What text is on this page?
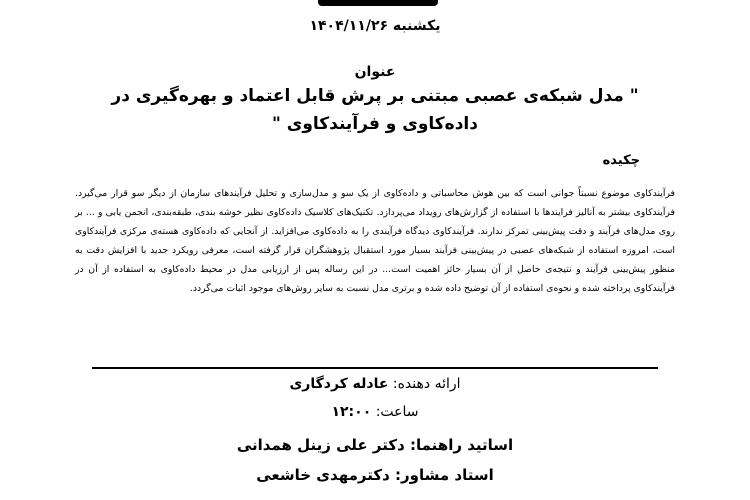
یکشنبه ۱۴۰۴/۱۱/۲۶
عنوان
" مدل شبکه‌ی عصبی مبتنی بر پرش قابل اعتماد و بهره‌گیری در داده‌کاوی و فرآیندکاوی "
چکیده
فرآیندکاوی موضوع نسبتاً جوانی است که بین هوش محاسباتی و داده‌کاوی از یک سو و مدل‌سازی و تحلیل فرآیندهای سازمان از دیگر سو قرار می‌گیرد. فرآیندکاوی بیشتر به آنالیز فرایندها با استفاده از گزارش‌های رویداد می‌پردازد. تکنیک‌های کلاسیک داده‌کاوی نظیر خوشه بندی، طبقه‌بندی، انجمن یابی و ... بر روی مدل‌های فرآیند و دقت پیش‌بینی تمرکز ندارند. فرآیندکاوی دیدگاه فرآیندی را به داده‌کاوی می‌افزاید. از آنجایی که داده‌کاوی هسته‌ی مرکزی فرآیندکاوی است، امروزه استفاده از شبکه‌های عصبی در پیش‌بینی فرآیند بسیار مورد استقبال پژوهشگران قرار گرفته است، معرفی رویکرد جدید با افزایش دقت به منظور پیش‌بینی فرآیند و نتیجه‌ی حاصل از آن بسیار حائز اهمیت است... در این رساله پس از ارزیابی مدل در محیط داده‌کاوی به استفاده از آن در فرآیندکاوی پرداخته شده و نحوه‌ی استفاده از آن توضیح داده شده و برتری مدل نسبت به سایر روش‌های موجود اثبات می‌گردد.
ارائه دهنده: عادله کردگاری
ساعت: ۱۲:۰۰
اساتید راهنما: دکتر علی زینل همدانی
استاد مشاور: دکترمهدی خاشعی
